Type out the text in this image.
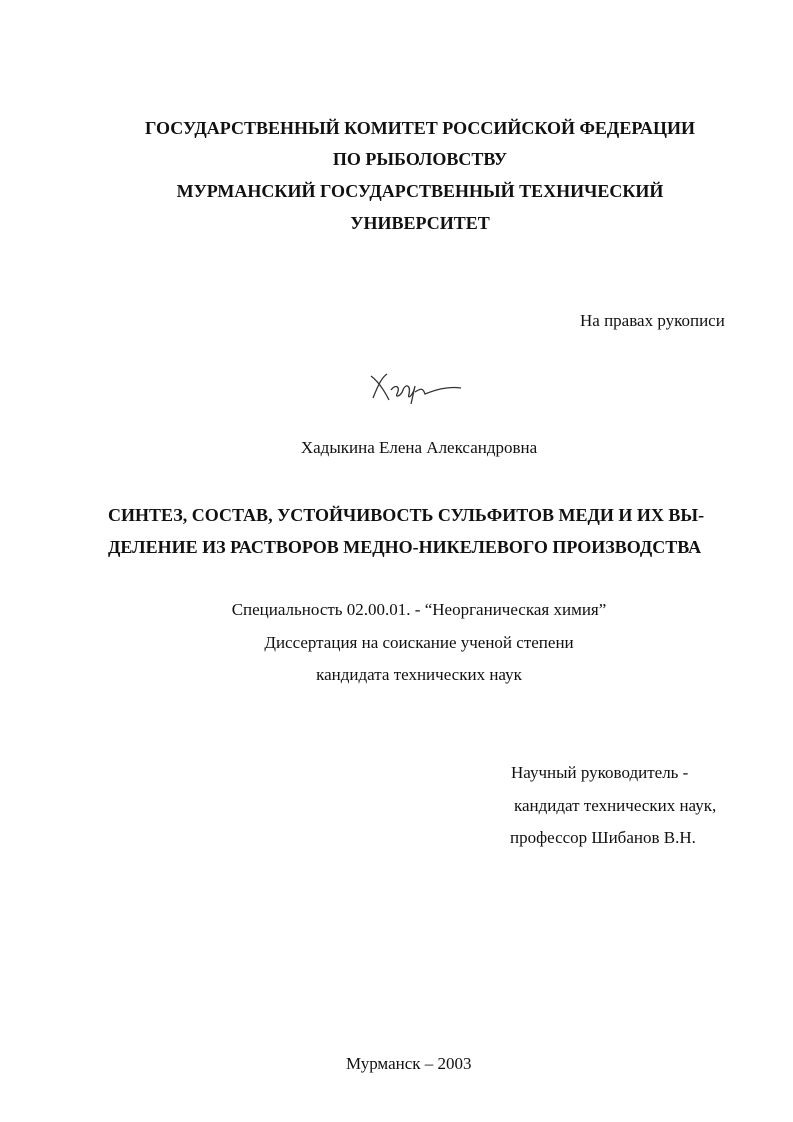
ГОСУДАРСТВЕННЫЙ КОМИТЕТ РОССИЙСКОЙ ФЕДЕРАЦИИ
ПО РЫБОЛОВСТВУ
МУРМАНСКИЙ ГОСУДАРСТВЕННЫЙ ТЕХНИЧЕСКИЙ
УНИВЕРСИТЕТ
На правах рукописи
Хадыкина Елена Александровна
СИНТЕЗ, СОСТАВ, УСТОЙЧИВОСТЬ СУЛЬФИТОВ МЕДИ И ИХ ВЫ-
ДЕЛЕНИЕ ИЗ РАСТВОРОВ МЕДНО-НИКЕЛЕВОГО ПРОИЗВОДСТВА
Специальность 02.00.01. - “Неорганическая химия”
Диссертация на соискание ученой степени
кандидата технических наук
Научный руководитель -
кандидат технических наук,
профессор Шибанов В.Н.
Мурманск – 2003
